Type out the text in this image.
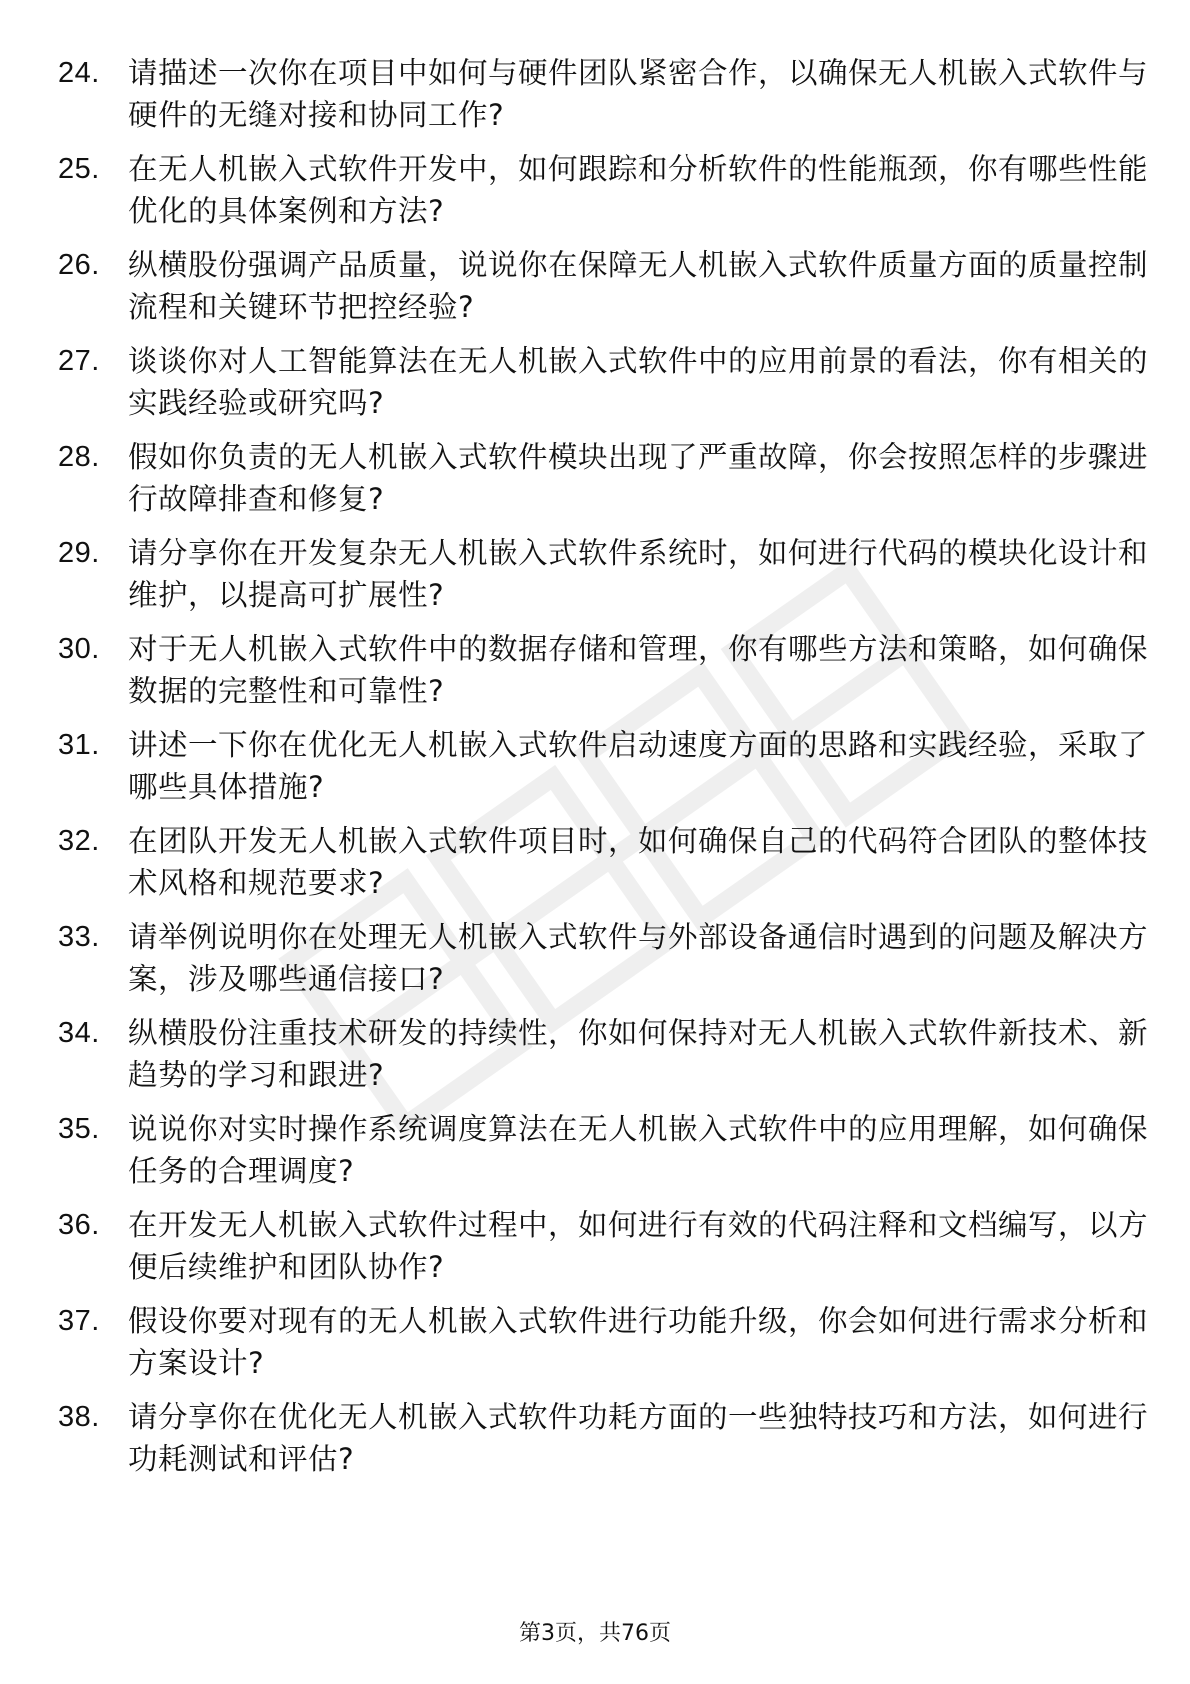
24. 请描述一次你在项目中如何与硬件团队紧密合作，以确保无人机嵌入式软件与硬件的无缝对接和协同工作?
25. 在无人机嵌入式软件开发中，如何跟踪和分析软件的性能瓶颈，你有哪些性能优化的具体案例和方法?
26. 纵横股份强调产品质量，说说你在保障无人机嵌入式软件质量方面的质量控制流程和关键环节把控经验?
27. 谈谈你对人工智能算法在无人机嵌入式软件中的应用前景的看法，你有相关的实践经验或研究吗?
28. 假如你负责的无人机嵌入式软件模块出现了严重故障，你会按照怎样的步骤进行故障排查和修复?
29. 请分享你在开发复杂无人机嵌入式软件系统时，如何进行代码的模块化设计和维护，以提高可扩展性?
30. 对于无人机嵌入式软件中的数据存储和管理，你有哪些方法和策略，如何确保数据的完整性和可靠性?
31. 讲述一下你在优化无人机嵌入式软件启动速度方面的思路和实践经验，采取了哪些具体措施?
32. 在团队开发无人机嵌入式软件项目时，如何确保自己的代码符合团队的整体技术风格和规范要求?
33. 请举例说明你在处理无人机嵌入式软件与外部设备通信时遇到的问题及解决方案，涉及哪些通信接口?
34. 纵横股份注重技术研发的持续性，你如何保持对无人机嵌入式软件新技术、新趋势的学习和跟进?
35. 说说你对实时操作系统调度算法在无人机嵌入式软件中的应用理解，如何确保任务的合理调度?
36. 在开发无人机嵌入式软件过程中，如何进行有效的代码注释和文档编写，以方便后续维护和团队协作?
37. 假设你要对现有的无人机嵌入式软件进行功能升级，你会如何进行需求分析和方案设计?
38. 请分享你在优化无人机嵌入式软件功耗方面的一些独特技巧和方法，如何进行功耗测试和评估?
第3页，共76页
